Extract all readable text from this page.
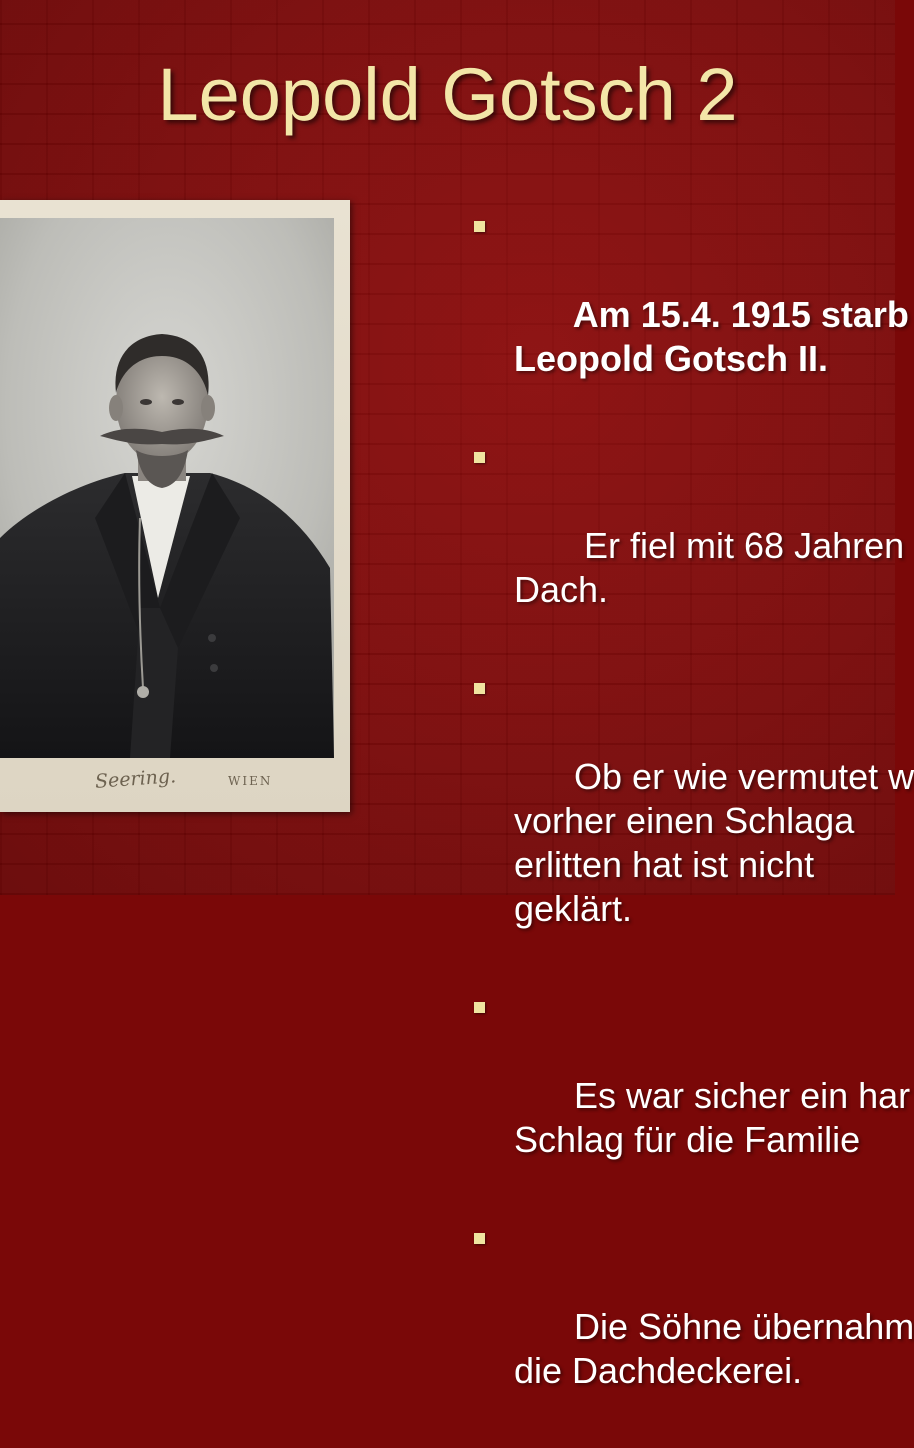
Leopold Gotsch 2
Seering.	WIEN

Am 15.4. 1915 starb
Leopold Gotsch II.

Er fiel mit 68 Jahren
Dach.

Ob er wie vermutet w
vorher einen Schlaga
erlitten hat ist nicht
geklärt.

Es war sicher ein har
Schlag für die Familie

Die Söhne übernahm
die Dachdeckerei.
